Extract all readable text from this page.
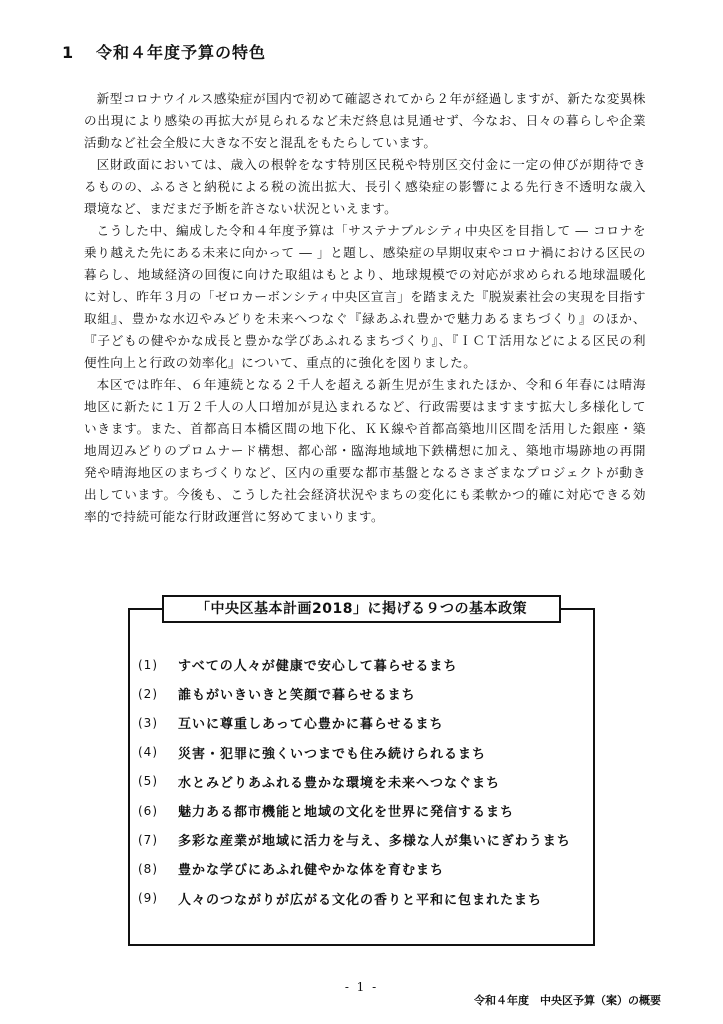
1 令和４年度予算の特色

新型コロナウイルス感染症が国内で初めて確認されてから２年が経過しますが、新たな変異株の出現により感染の再拡大が見られるなど未だ終息は見通せず、今なお、日々の暮らしや企業活動など社会全般に大きな不安と混乱をもたらしています。

区財政面においては、歳入の根幹をなす特別区民税や特別区交付金に一定の伸びが期待できるものの、ふるさと納税による税の流出拡大、長引く感染症の影響による先行き不透明な歳入環境など、まだまだ予断を許さない状況といえます。

こうした中、編成した令和４年度予算は「サステナブルシティ中央区を目指して ― コロナを乗り越えた先にある未来に向かって ― 」と題し、感染症の早期収束やコロナ禍における区民の暮らし、地域経済の回復に向けた取組はもとより、地球規模での対応が求められる地球温暖化に対し、昨年３月の「ゼロカーボンシティ中央区宣言」を踏まえた『脱炭素社会の実現を目指す取組』、豊かな水辺やみどりを未来へつなぐ『緑あふれ豊かで魅力あるまちづくり』のほか、『子どもの健やかな成長と豊かな学びあふれるまちづくり』、『ＩＣＴ活用などによる区民の利便性向上と行政の効率化』について、重点的に強化を図りました。

本区では昨年、６年連続となる２千人を超える新生児が生まれたほか、令和６年春には晴海地区に新たに１万２千人の人口増加が見込まれるなど、行政需要はますます拡大し多様化していきます。また、首都高日本橋区間の地下化、ＫＫ線や首都高築地川区間を活用した銀座・築地周辺みどりのプロムナード構想、都心部・臨海地域地下鉄構想に加え、築地市場跡地の再開発や晴海地区のまちづくりなど、区内の重要な都市基盤となるさまざまなプロジェクトが動き出しています。今後も、こうした社会経済状況やまちの変化にも柔軟かつ的確に対応できる効率的で持続可能な行財政運営に努めてまいります。

「中央区基本計画2018」に掲げる９つの基本政策
(1)	すべての人々が健康で安心して暮らせるまち
(2)	誰もがいきいきと笑顔で暮らせるまち
(3)	互いに尊重しあって心豊かに暮らせるまち
(4)	災害・犯罪に強くいつまでも住み続けられるまち
(5)	水とみどりあふれる豊かな環境を未来へつなぐまち
(6)	魅力ある都市機能と地域の文化を世界に発信するまち
(7)	多彩な産業が地域に活力を与え、多様な人が集いにぎわうまち
(8)	豊かな学びにあふれ健やかな体を育むまち
(9)	人々のつながりが広がる文化の香りと平和に包まれたまち
- 1 -
令和４年度　中央区予算（案）の概要
